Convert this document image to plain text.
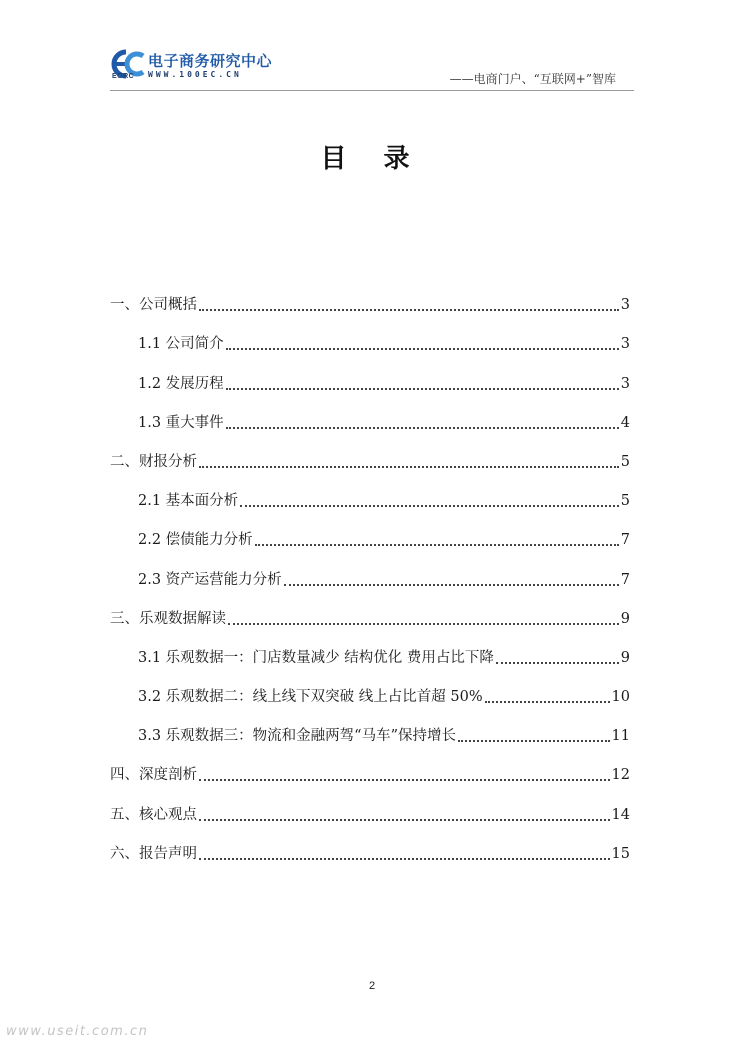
EORC
电子商务研究中心
WWW.100EC.CN	——电商门户、“互联网+”智库
目 录
一、公司概括	3
1.1 公司简介	3
1.2 发展历程	3
1.3 重大事件	4
二、财报分析	5
2.1 基本面分析	5
2.2 偿债能力分析	7
2.3 资产运营能力分析	7
三、乐观数据解读	9
3.1 乐观数据一：门店数量减少 结构优化 费用占比下降	9
3.2 乐观数据二：线上线下双突破 线上占比首超 50%	10
3.3 乐观数据三：物流和金融两驾“马车”保持增长	11
四、深度剖析	12
五、核心观点	14
六、报告声明	15
2
www.useit.com.cn
